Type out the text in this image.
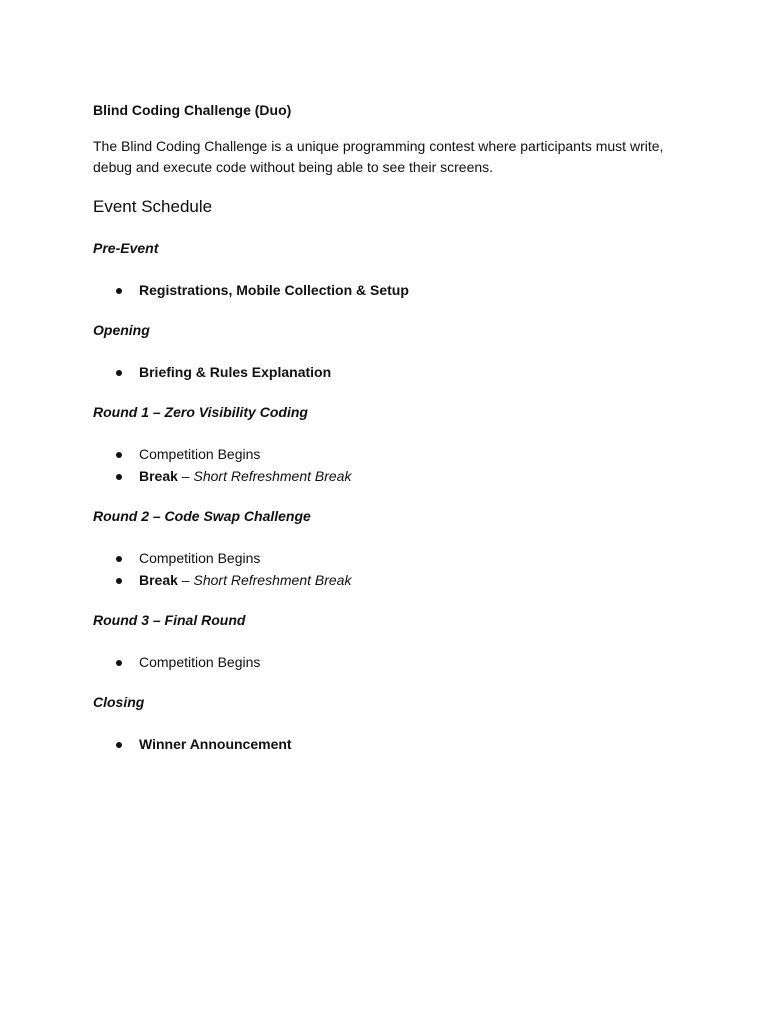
Blind Coding Challenge (Duo)

The Blind Coding Challenge is a unique programming contest where participants must write, debug and execute code without being able to see their screens.

Event Schedule

Pre-Event

Registrations, Mobile Collection & Setup

Opening

Briefing & Rules Explanation

Round 1 – Zero Visibility Coding

Competition Begins
Break – Short Refreshment Break

Round 2 – Code Swap Challenge

Competition Begins
Break – Short Refreshment Break

Round 3 – Final Round

Competition Begins

Closing

Winner Announcement
